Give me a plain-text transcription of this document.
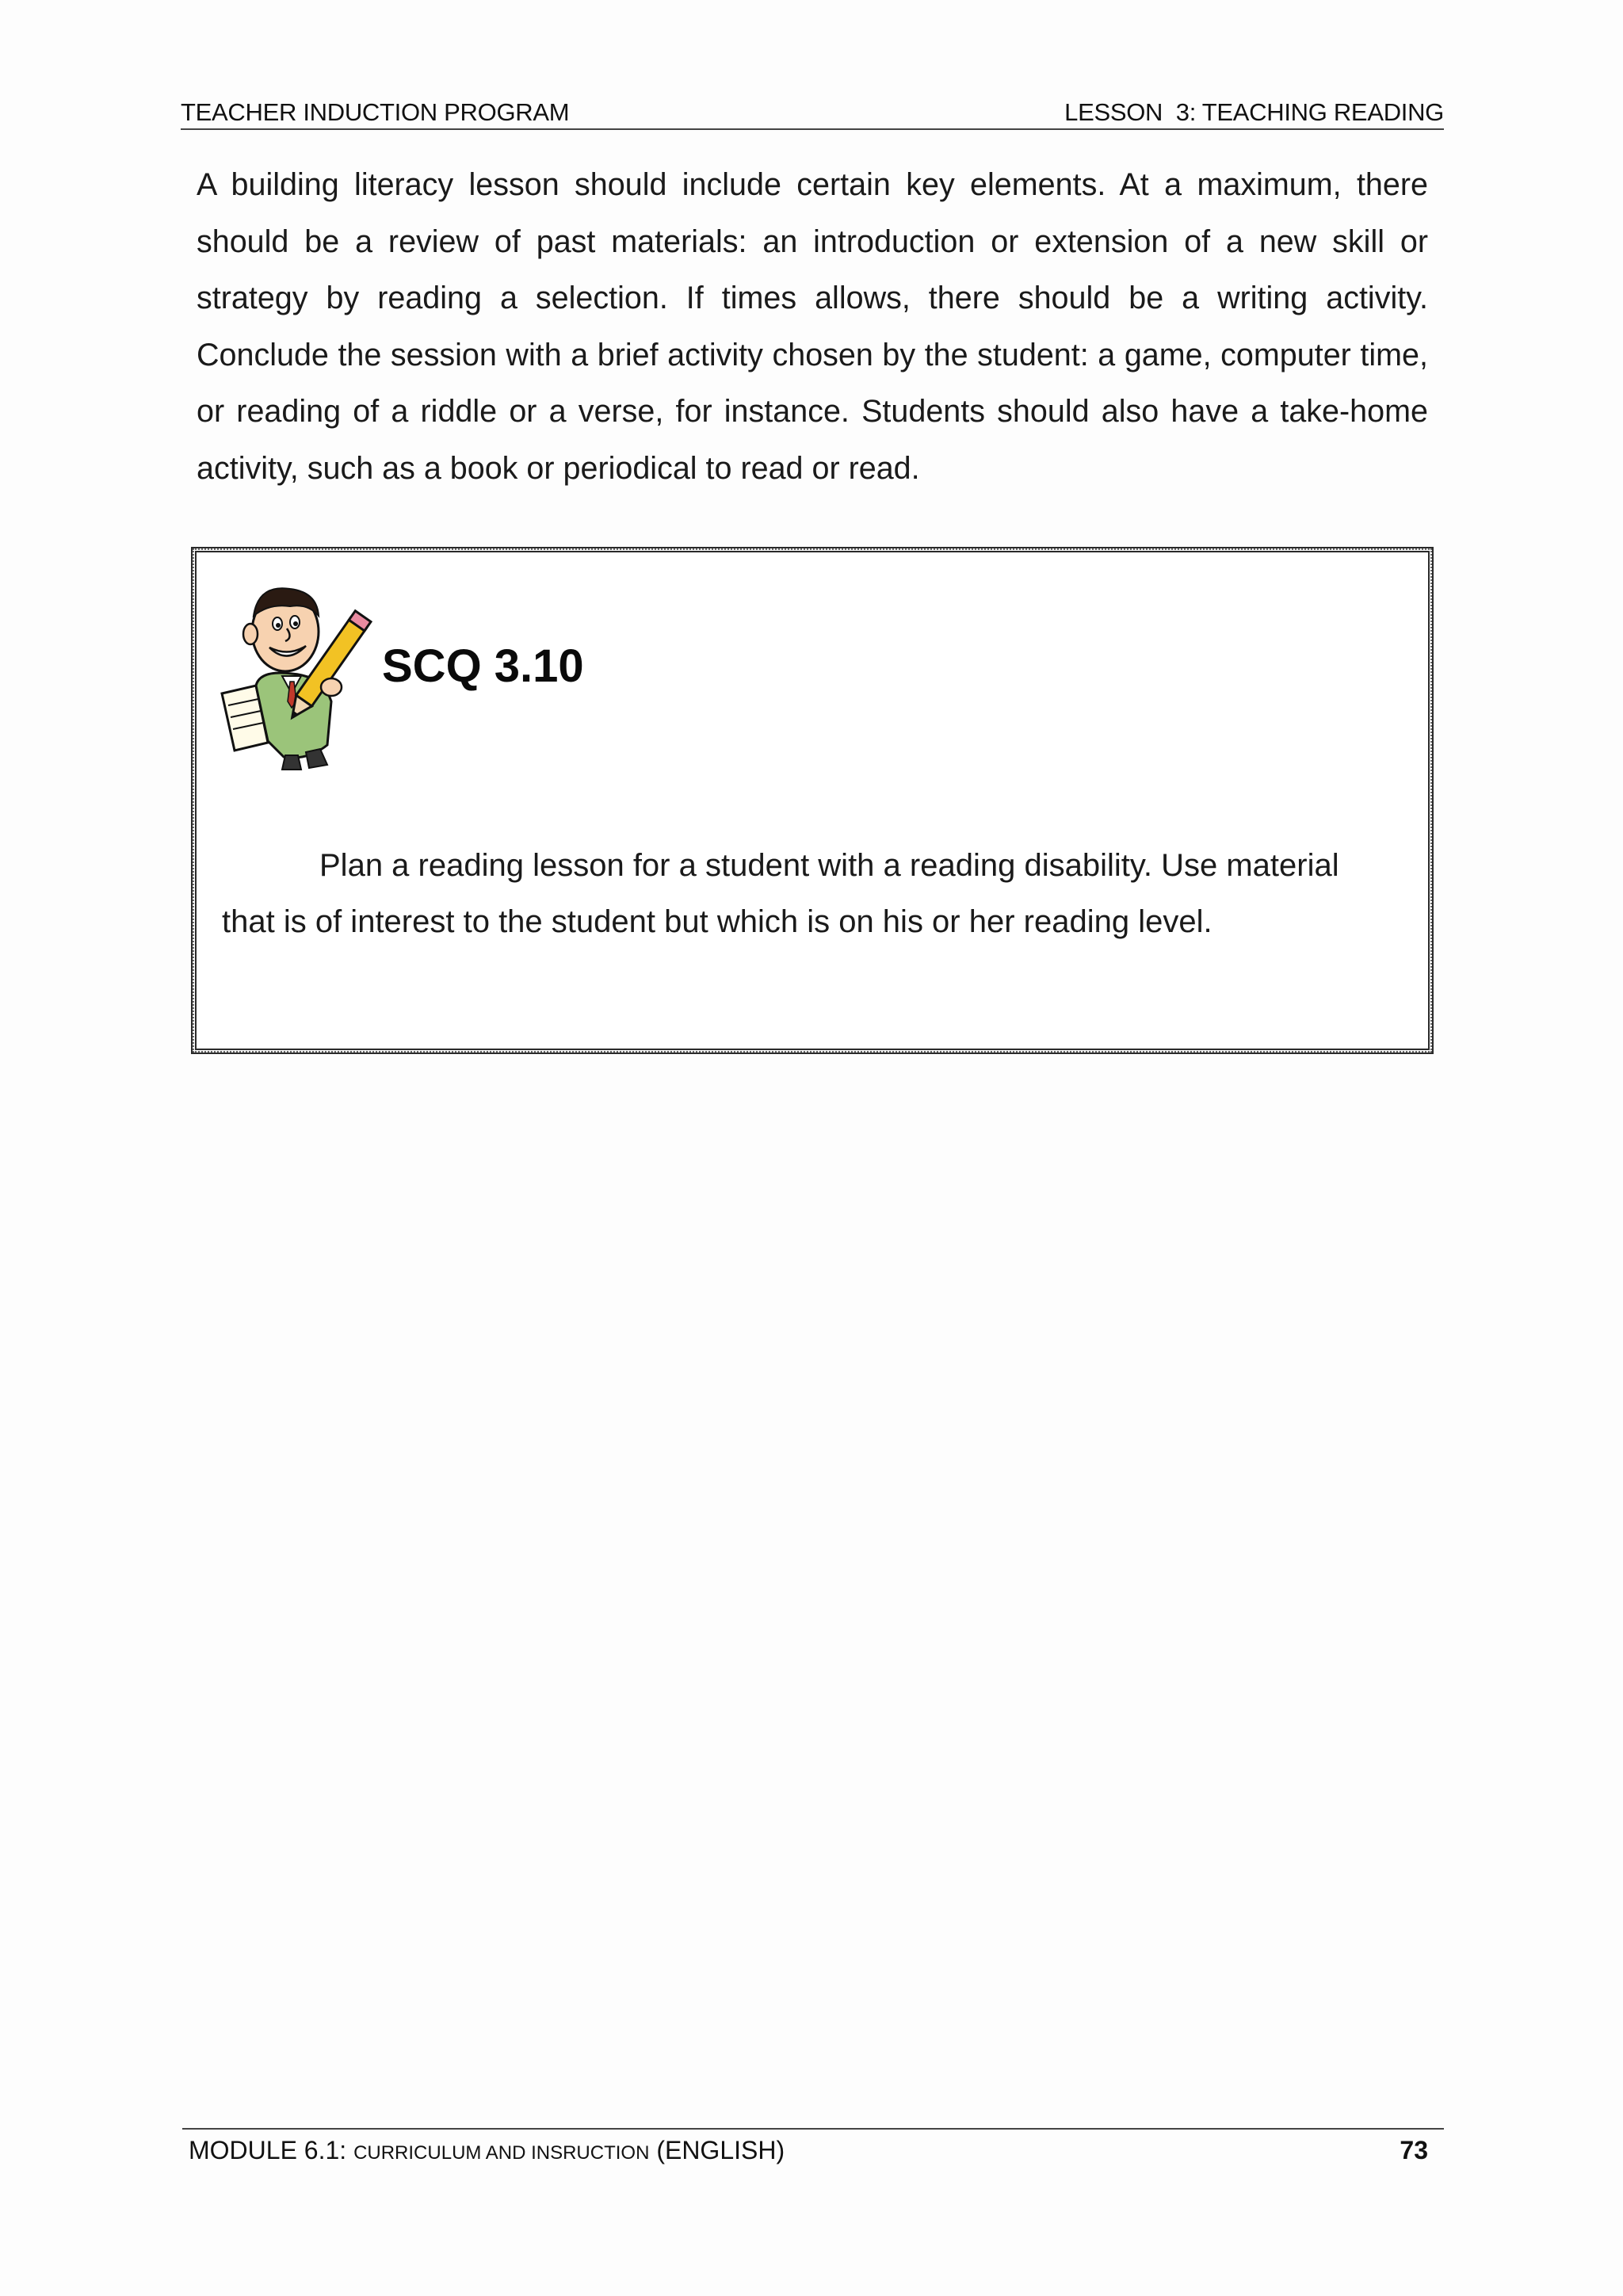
TEACHER INDUCTION PROGRAM	LESSON  3: TEACHING READING
A building literacy lesson should include certain key elements. At a maximum, there should be a review of past materials: an introduction or extension of a new skill or strategy by reading a selection. If times allows, there should be a writing activity. Conclude the session with a brief activity chosen by the student: a game, computer time, or reading of a riddle or a verse, for instance. Students should also have a take-home activity, such as a book or periodical to read or read.
SCQ 3.10
Plan a reading lesson for a student with a reading disability. Use material that is of interest to the student but which is on his or her reading level.
MODULE 6.1: CURRICULUM AND INSRUCTION (ENGLISH)	73
